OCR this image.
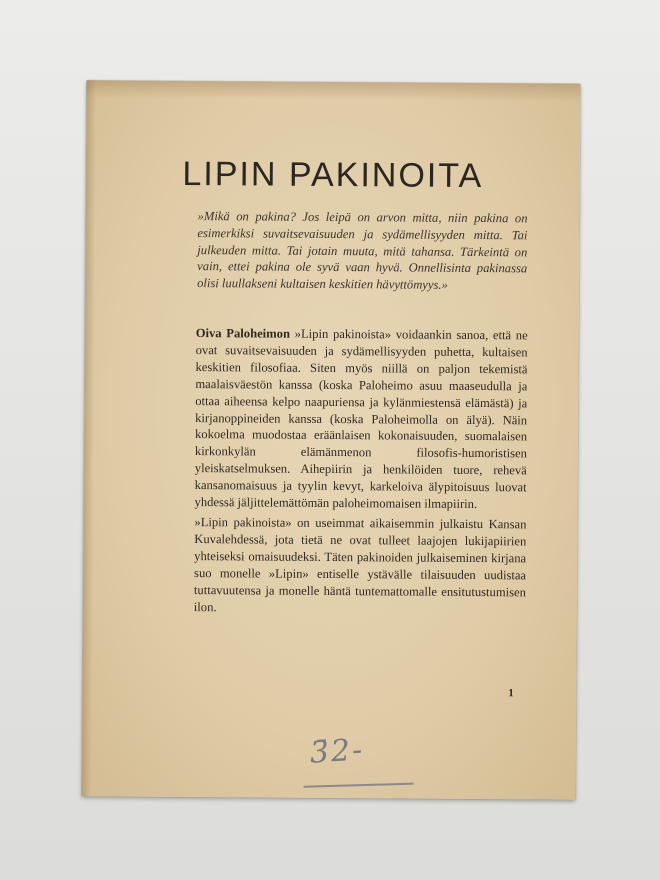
LIPIN PAKINOITA
»Mikä on pakina? Jos leipä on arvon mitta, niin pakina on esimerkiksi suvaitsevaisuuden ja sydämellisyyden mitta. Tai julkeuden mitta. Tai jotain muuta, mitä tahansa. Tärkeintä on vain, ettei pakina ole syvä vaan hyvä. Onnellisinta pakinassa olisi luullakseni kultaisen keskitien hävyttömyys.»

Oiva Paloheimon »Lipin pakinoista» voidaankin sanoa, että ne ovat suvaitsevaisuuden ja sydämellisyyden puhetta, kultaisen keskitien filosofiaa. Siten myös niillä on paljon tekemistä maalaisväestön kanssa (koska Paloheimo asuu maaseudulla ja ottaa aiheensa kelpo naapuriensa ja kylänmiestensä elämästä) ja kirjanoppineiden kanssa (koska Paloheimolla on älyä). Näin kokoelma muodostaa eräänlaisen kokonaisuuden, suomalaisen kirkonkylän elämänmenon filosofis-humoristisen yleiskatselmuksen. Aihepiirin ja henkilöiden tuore, rehevä kansanomaisuus ja tyylin kevyt, karkeloiva älypitoisuus luovat yhdessä jäljittelemättömän paloheimomaisen ilmapiirin.

»Lipin pakinoista» on useimmat aikaisemmin julkaistu Kansan Kuvalehdessä, jota tietä ne ovat tulleet laajojen lukijapiirien yhteiseksi omaisuudeksi. Täten pakinoiden julkaiseminen kirjana suo monelle »Lipin» entiselle ystävälle tilaisuuden uudistaa tuttavuutensa ja monelle häntä tuntemattomalle ensitutustumisen ilon.

1
3̄2-
